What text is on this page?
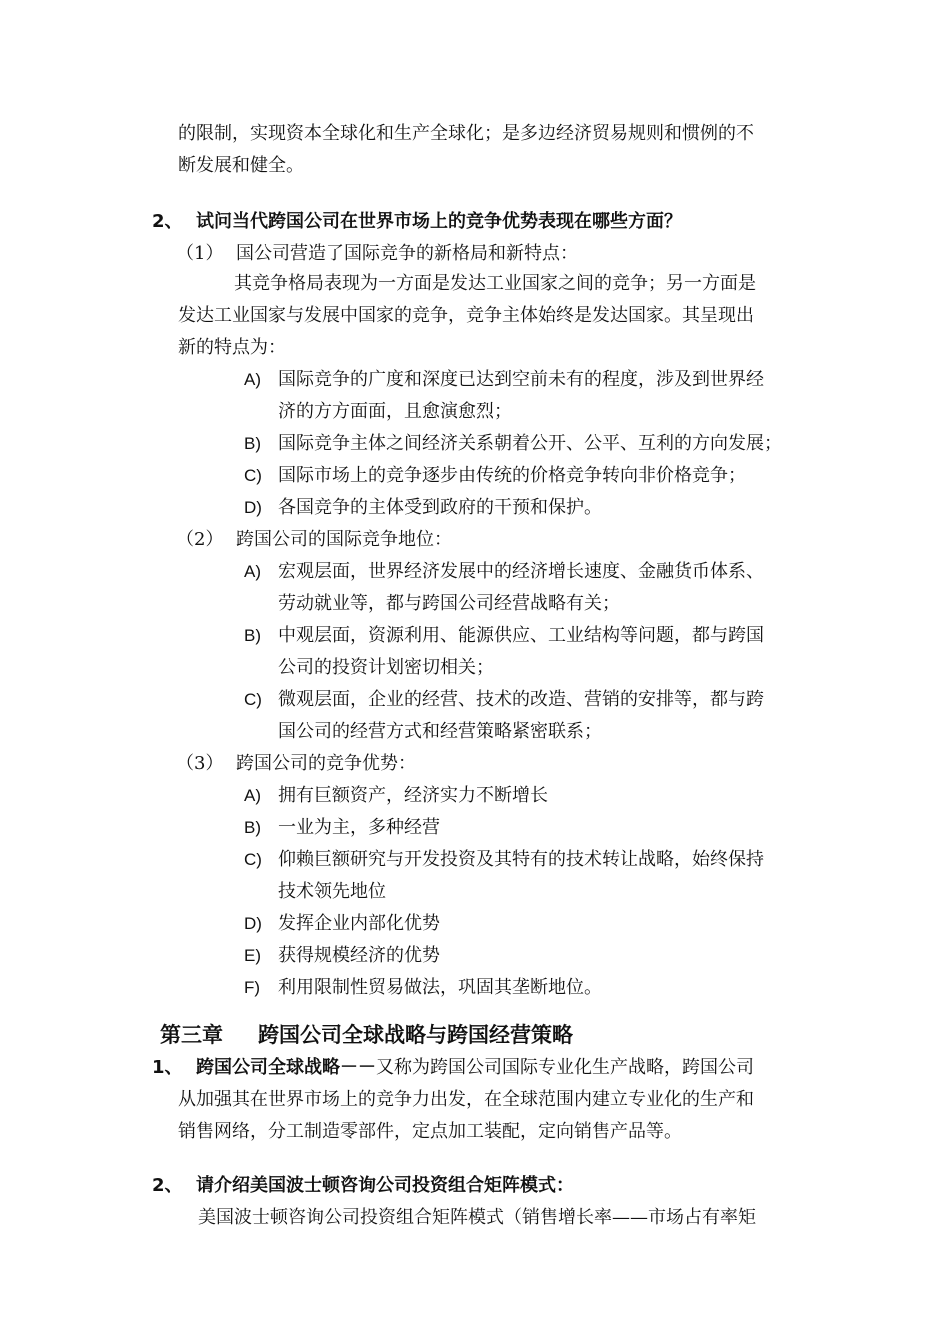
的限制，实现资本全球化和生产全球化；是多边经济贸易规则和惯例的不
断发展和健全。
2、 试问当代跨国公司在世界市场上的竞争优势表现在哪些方面？
（1） 国公司营造了国际竞争的新格局和新特点：
其竞争格局表现为一方面是发达工业国家之间的竞争；另一方面是
发达工业国家与发展中国家的竞争，竞争主体始终是发达国家。其呈现出
新的特点为：
A) 国际竞争的广度和深度已达到空前未有的程度，涉及到世界经
济的方方面面，且愈演愈烈；
B) 国际竞争主体之间经济关系朝着公开、公平、互利的方向发展；
C) 国际市场上的竞争逐步由传统的价格竞争转向非价格竞争；
D) 各国竞争的主体受到政府的干预和保护。
（2） 跨国公司的国际竞争地位：
A) 宏观层面，世界经济发展中的经济增长速度、金融货币体系、
劳动就业等，都与跨国公司经营战略有关；
B) 中观层面，资源利用、能源供应、工业结构等问题，都与跨国
公司的投资计划密切相关；
C) 微观层面，企业的经营、技术的改造、营销的安排等，都与跨
国公司的经营方式和经营策略紧密联系；
（3） 跨国公司的竞争优势：
A) 拥有巨额资产，经济实力不断增长
B) 一业为主，多种经营
C) 仰赖巨额研究与开发投资及其特有的技术转让战略，始终保持
技术领先地位
D) 发挥企业内部化优势
E) 获得规模经济的优势
F) 利用限制性贸易做法，巩固其垄断地位。
第三章 跨国公司全球战略与跨国经营策略
1、 跨国公司全球战略－－又称为跨国公司国际专业化生产战略，跨国公司
从加强其在世界市场上的竞争力出发，在全球范围内建立专业化的生产和
销售网络，分工制造零部件，定点加工装配，定向销售产品等。
2、 请介绍美国波士顿咨询公司投资组合矩阵模式：
美国波士顿咨询公司投资组合矩阵模式（销售增长率——市场占有率矩
